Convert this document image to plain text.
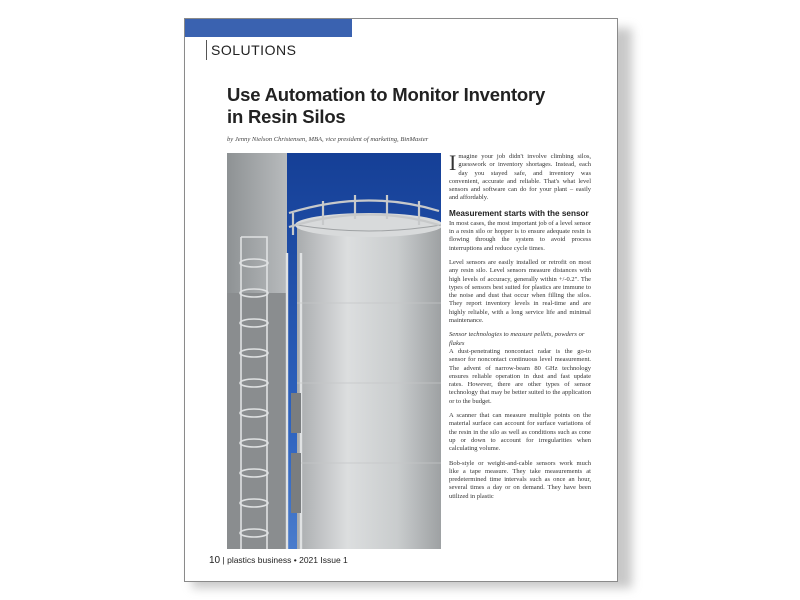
SOLUTIONS
Use Automation to Monitor Inventory in Resin Silos
by Jenny Nielson Christensen, MBA, vice president of marketing, BinMaster

Imagine your job didn't involve climbing silos, guesswork or inventory shortages. Instead, each day you stayed safe, and inventory was convenient, accurate and reliable. That's what level sensors and software can do for your plant – easily and affordably.

Measurement starts with the sensor

In most cases, the most important job of a level sensor in a resin silo or hopper is to ensure adequate resin is flowing through the system to avoid process interruptions and reduce cycle times.

Level sensors are easily installed or retrofit on most any resin silo. Level sensors measure distances with high levels of accuracy, generally within +/-0.2". The types of sensors best suited for plastics are immune to the noise and dust that occur when filling the silos. They report inventory levels in real-time and are highly reliable, with a long service life and minimal maintenance.

Sensor technologies to measure pellets, powders or flakes

A dust-penetrating noncontact radar is the go-to sensor for noncontact continuous level measurement. The advent of narrow-beam 80 GHz technology ensures reliable operation in dust and fast update rates. However, there are other types of sensor technology that may be better suited to the application or to the budget.

A scanner that can measure multiple points on the material surface can account for surface variations of the resin in the silo as well as conditions such as cone up or down to account for irregularities when calculating volume.

Bob-style or weight-and-cable sensors work much like a tape measure. They take measurements at predetermined time intervals such as once an hour, several times a day or on demand. They have been utilized in plastic

10 | plastics business • 2021 Issue 1
